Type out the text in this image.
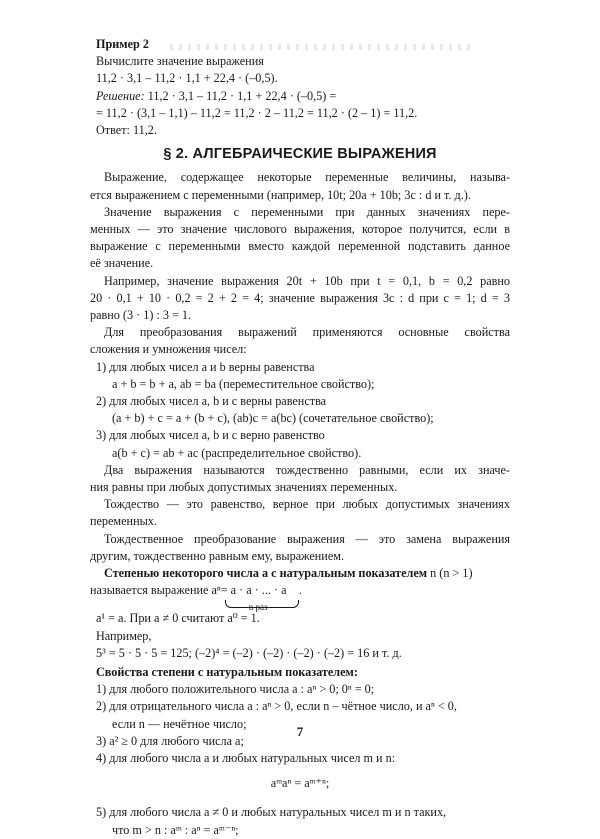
Пример 2
Вычислите значение выражения
11,2 · 3,1 – 11,2 · 1,1 + 22,4 · (–0,5).
Решение: 11,2 · 3,1 – 11,2 · 1,1 + 22,4 · (–0,5) =
= 11,2 · (3,1 – 1,1) – 11,2 = 11,2 · 2 – 11,2 = 11,2 · (2 – 1) = 11,2.
Ответ: 11,2.
§ 2. АЛГЕБРАИЧЕСКИЕ ВЫРАЖЕНИЯ
Выражение, содержащее некоторые переменные величины, называ-
ется выражением с переменными (например, 10t; 20a + 10b; 3c : d и т. д.).
Значение выражения с переменными при данных значениях пере-
менных — это значение числового выражения, которое получится, если в
выражение с переменными вместо каждой переменной подставить данное
её значение.
Например, значение выражения 20t + 10b при t = 0,1, b = 0,2 равно
20 · 0,1 + 10 · 0,2 = 2 + 2 = 4; значение выражения 3c : d при c = 1; d = 3
равно (3 · 1) : 3 = 1.
Для преобразования выражений применяются основные свойства
сложения и умножения чисел:
1) для любых чисел a и b верны равенства
a + b = b + a, ab = ba (переместительное свойство);
2) для любых чисел a, b и c верны равенства
(a + b) + c = a + (b + c), (ab)c = a(bc) (сочетательное свойство);
3) для любых чисел a, b и c верно равенство
a(b + c) = ab + ac (распределительное свойство).
Два выражения называются тождественно равными, если их значе-
ния равны при любых допустимых значениях переменных.
Тождество — это равенство, верное при любых допустимых значениях
переменных.
Тождественное преобразование выражения — это замена выражения
другим, тождественно равным ему, выражением.
Степенью некоторого числа a с натуральным показателем n (n > 1)
называется выражение aⁿ= a · a · ... · a
n раз
.
a¹ = a. При a ≠ 0 считают a⁰ = 1.
Например,
5³ = 5 · 5 · 5 = 125; (–2)⁴ = (–2) · (–2) · (–2) · (–2) = 16 и т. д.
Свойства степени с натуральным показателем:
1) для любого положительного числа a : aⁿ > 0; 0ⁿ = 0;
2) для отрицательного числа a : aⁿ > 0, если n – чётное число, и aⁿ < 0,
если n — нечётное число;
3) a² ≥ 0 для любого числа a;
4) для любого числа a и любых натуральных чисел m и n:
aᵐaⁿ = aᵐ⁺ⁿ;
5) для любого числа a ≠ 0 и любых натуральных чисел m и n таких,
что m > n : aᵐ : aⁿ = aᵐ⁻ⁿ;
7
